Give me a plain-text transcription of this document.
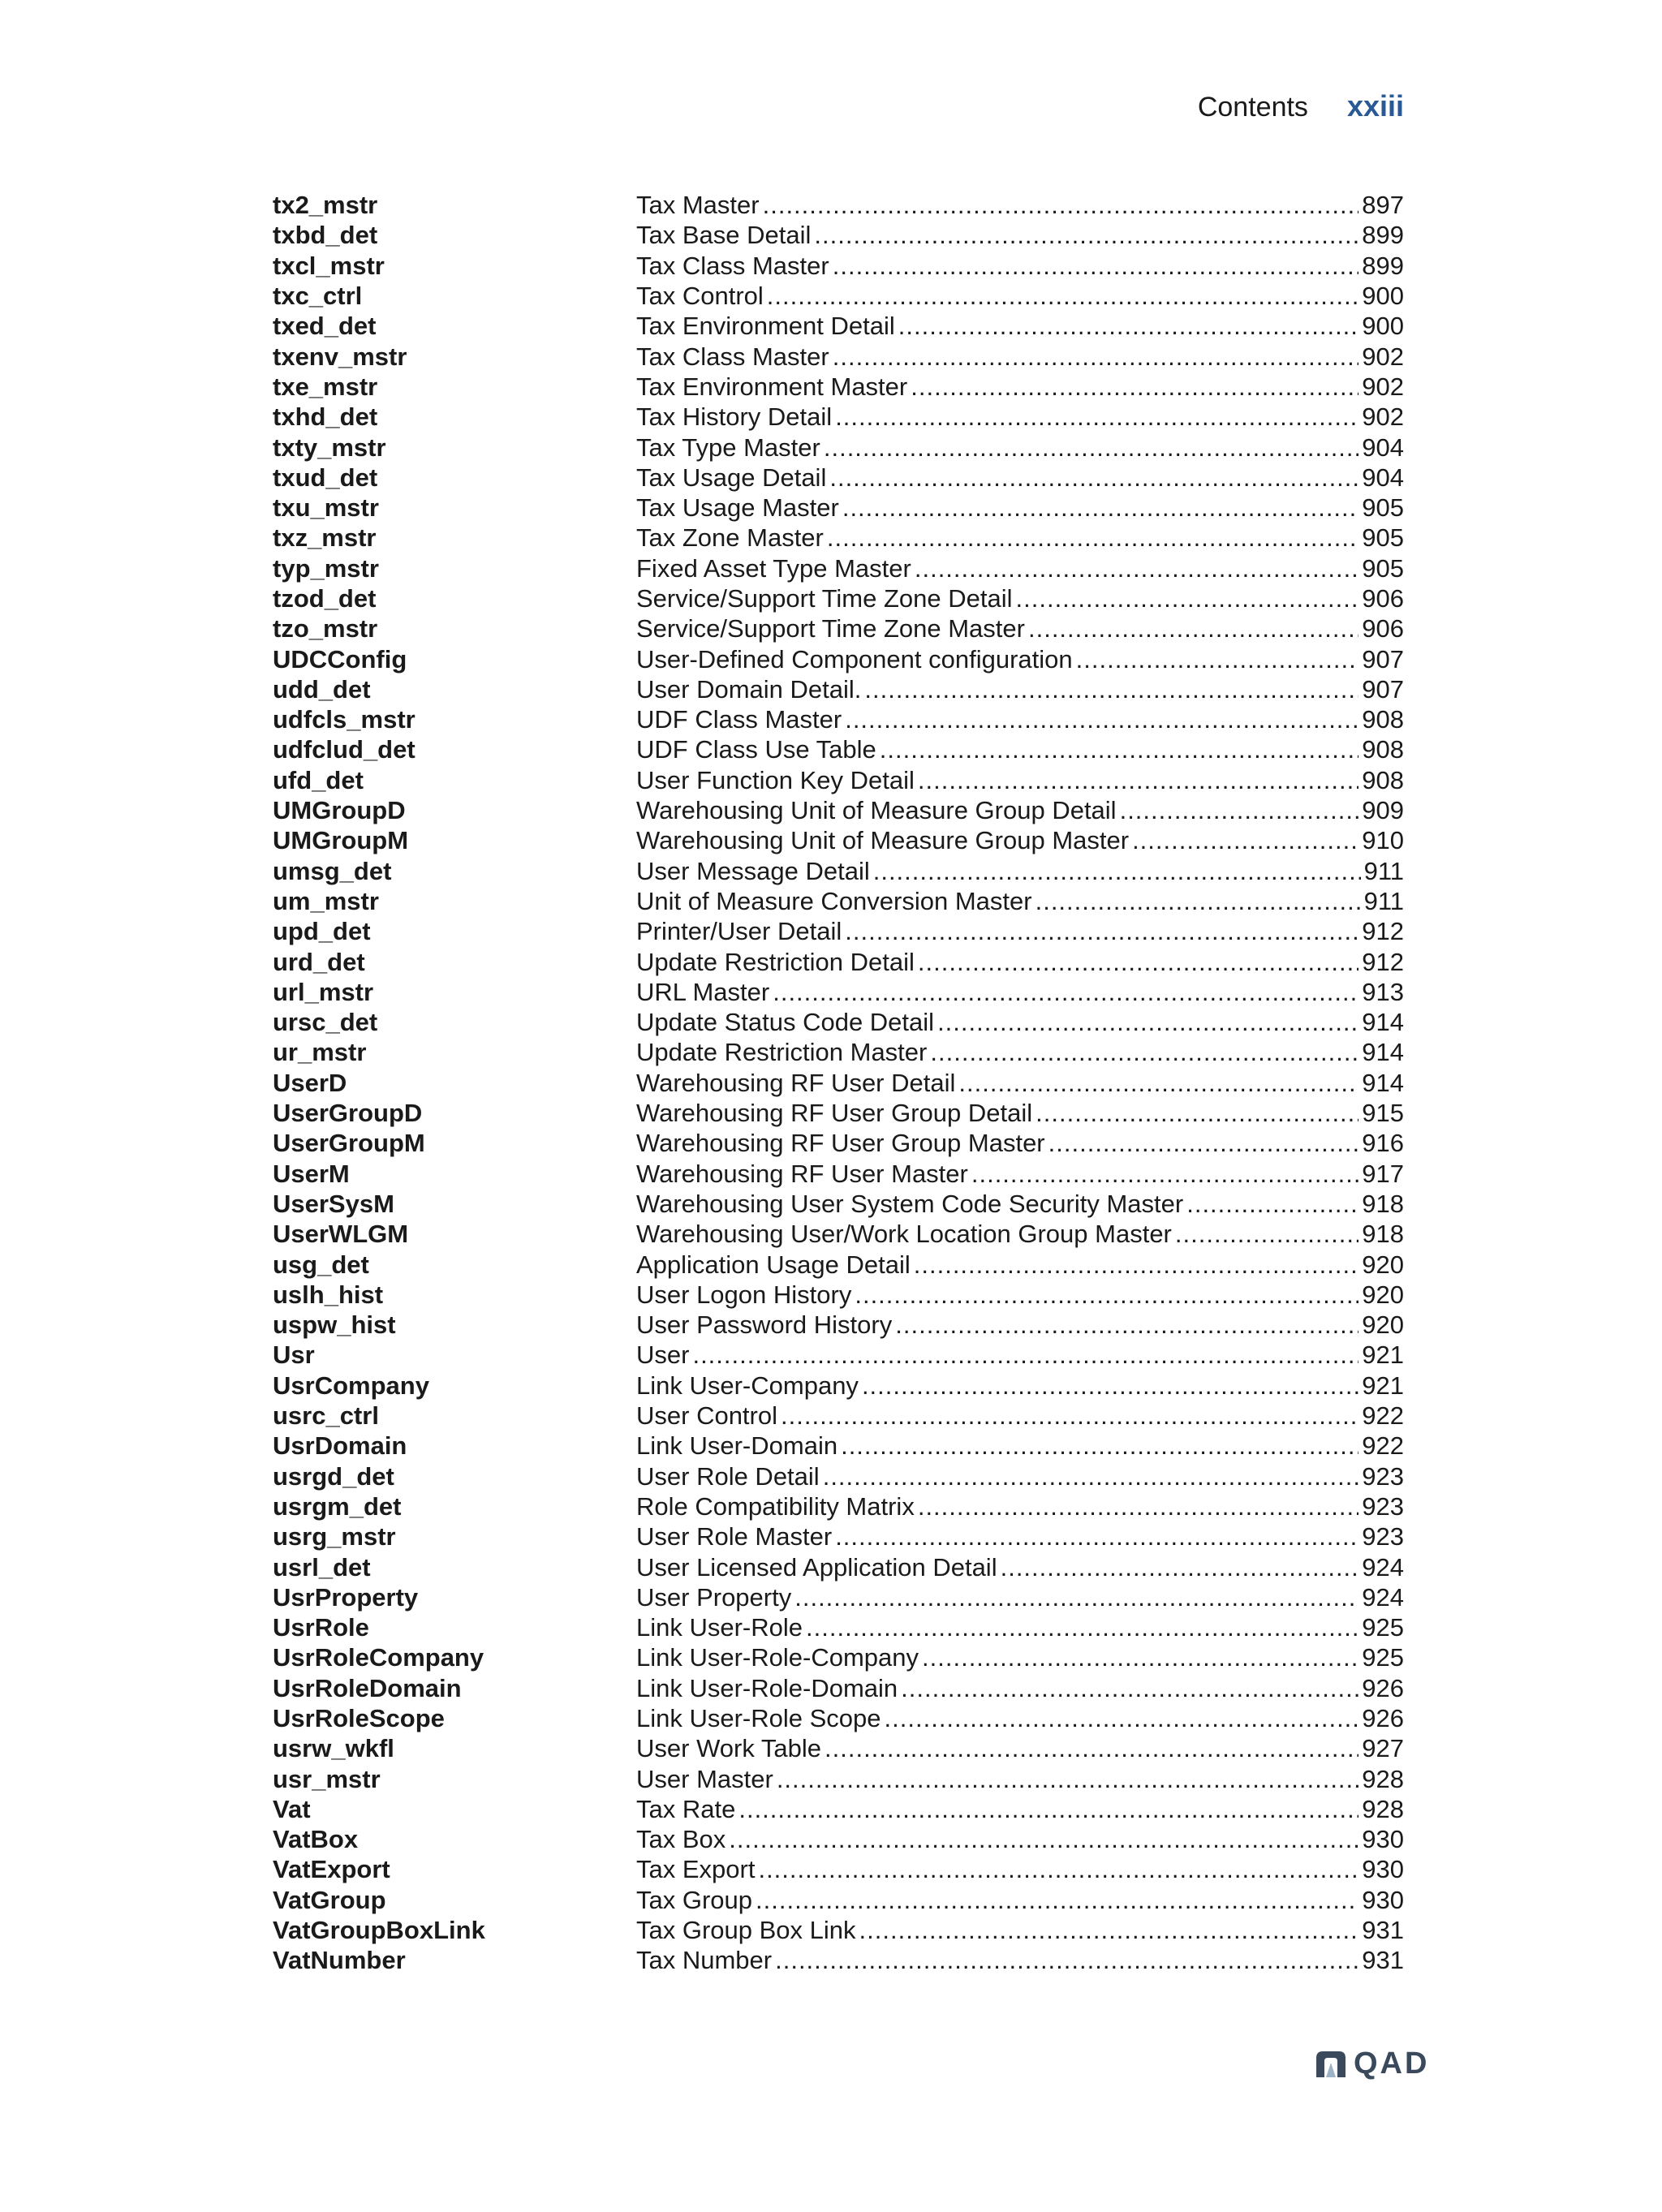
Contents xxiii
tx2_mstr	Tax Master .....	897
txbd_det	Tax Base Detail .....	899
txcl_mstr	Tax Class Master .....	899
txc_ctrl	Tax Control .....	900
txed_det	Tax Environment Detail .....	900
txenv_mstr	Tax Class Master .....	902
txe_mstr	Tax Environment Master .....	902
txhd_det	Tax History Detail .....	902
txty_mstr	Tax Type Master .....	904
txud_det	Tax Usage Detail .....	904
txu_mstr	Tax Usage Master .....	905
txz_mstr	Tax Zone Master .....	905
typ_mstr	Fixed Asset Type Master .....	905
tzod_det	Service/Support Time Zone Detail .....	906
tzo_mstr	Service/Support Time Zone Master .....	906
UDCConfig	User-Defined Component configuration .....	907
udd_det	User Domain Detail. .....	907
udfcls_mstr	UDF Class Master .....	908
udfclud_det	UDF Class Use Table .....	908
ufd_det	User Function Key Detail .....	908
UMGroupD	Warehousing Unit of Measure Group Detail .....	909
UMGroupM	Warehousing Unit of Measure Group Master .....	910
umsg_det	User Message Detail .....	911
um_mstr	Unit of Measure Conversion Master .....	911
upd_det	Printer/User Detail .....	912
urd_det	Update Restriction Detail .....	912
url_mstr	URL Master .....	913
ursc_det	Update Status Code Detail .....	914
ur_mstr	Update Restriction Master .....	914
UserD	Warehousing RF User Detail .....	914
UserGroupD	Warehousing RF User Group Detail .....	915
UserGroupM	Warehousing RF User Group Master .....	916
UserM	Warehousing RF User Master .....	917
UserSysM	Warehousing User System Code Security Master .....	918
UserWLGM	Warehousing User/Work Location Group Master .....	918
usg_det	Application Usage Detail .....	920
uslh_hist	User Logon History .....	920
uspw_hist	User Password History .....	920
Usr	User .....	921
UsrCompany	Link User-Company .....	921
usrc_ctrl	User Control .....	922
UsrDomain	Link User-Domain .....	922
usrgd_det	User Role Detail .....	923
usrgm_det	Role Compatibility Matrix .....	923
usrg_mstr	User Role Master .....	923
usrl_det	User Licensed Application Detail .....	924
UsrProperty	User Property .....	924
UsrRole	Link User-Role .....	925
UsrRoleCompany	Link User-Role-Company .....	925
UsrRoleDomain	Link User-Role-Domain .....	926
UsrRoleScope	Link User-Role Scope .....	926
usrw_wkfl	User Work Table .....	927
usr_mstr	User Master .....	928
Vat	Tax Rate .....	928
VatBox	Tax Box .....	930
VatExport	Tax Export .....	930
VatGroup	Tax Group .....	930
VatGroupBoxLink	Tax Group Box Link .....	931
VatNumber	Tax Number .....	931
QAD
